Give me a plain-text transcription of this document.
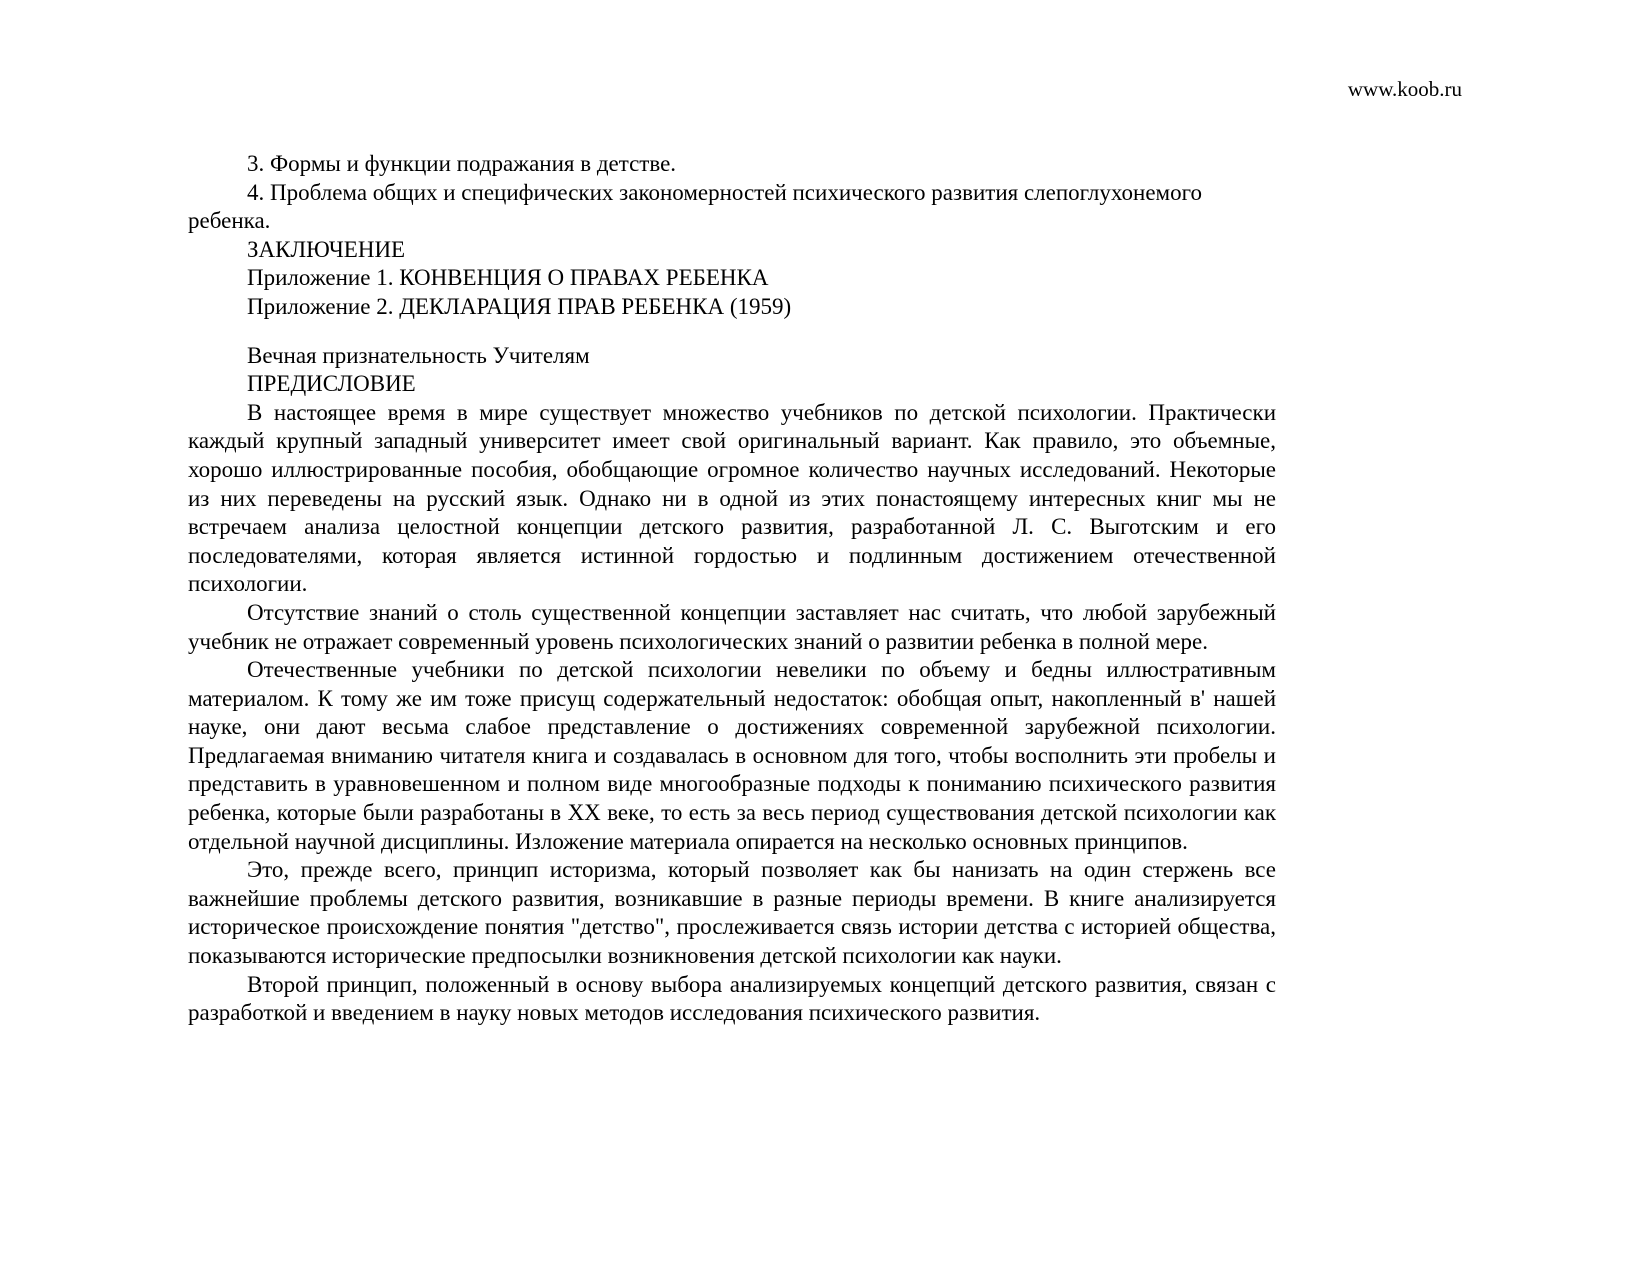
www.koob.ru

3. Формы и функции подражания в детстве.

4. Проблема общих и специфических закономерностей психического развития слепоглухонемого ребенка.

ЗАКЛЮЧЕНИЕ

Приложение 1. КОНВЕНЦИЯ О ПРАВАХ РЕБЕНКА

Приложение 2. ДЕКЛАРАЦИЯ ПРАВ РЕБЕНКА (1959)

Вечная признательность Учителям

ПРЕДИСЛОВИЕ

В настоящее время в мире существует множество учебников по детской психологии. Практически каждый крупный западный университет имеет свой оригинальный вариант. Как правило, это объемные, хорошо иллюстрированные пособия, обобщающие огромное количество научных исследований. Некоторые из них переведены на русский язык. Однако ни в одной из этих понастоящему интересных книг мы не встречаем анализа целостной концепции детского развития, разработанной Л. С. Выготским и его последователями, которая является истинной гордостью и подлинным достижением отечественной психологии.

Отсутствие знаний о столь существенной концепции заставляет нас считать, что любой зарубежный учебник не отражает современный уровень психологических знаний о развитии ребенка в полной мере.

Отечественные учебники по детской психологии невелики по объему и бедны иллюстративным материалом. К тому же им тоже присущ содержательный недостаток: обобщая опыт, накопленный в' нашей науке, они дают весьма слабое представление о достижениях современной зарубежной психологии. Предлагаемая вниманию читателя книга и создавалась в основном для того, чтобы восполнить эти пробелы и представить в уравновешенном и полном виде многообразные подходы к пониманию психического развития ребенка, которые были разработаны в XX веке, то есть за весь период существования детской психологии как отдельной научной дисциплины. Изложение материала опирается на несколько основных принципов.

Это, прежде всего, принцип историзма, который позволяет как бы нанизать на один стержень все важнейшие проблемы детского развития, возникавшие в разные периоды времени. В книге анализируется историческое происхождение понятия "детство", прослеживается связь истории детства с историей общества, показываются исторические предпосылки возникновения детской психологии как науки.

Второй принцип, положенный в основу выбора анализируемых концепций детского развития, связан с разработкой и введением в науку новых методов исследования психического развития.
